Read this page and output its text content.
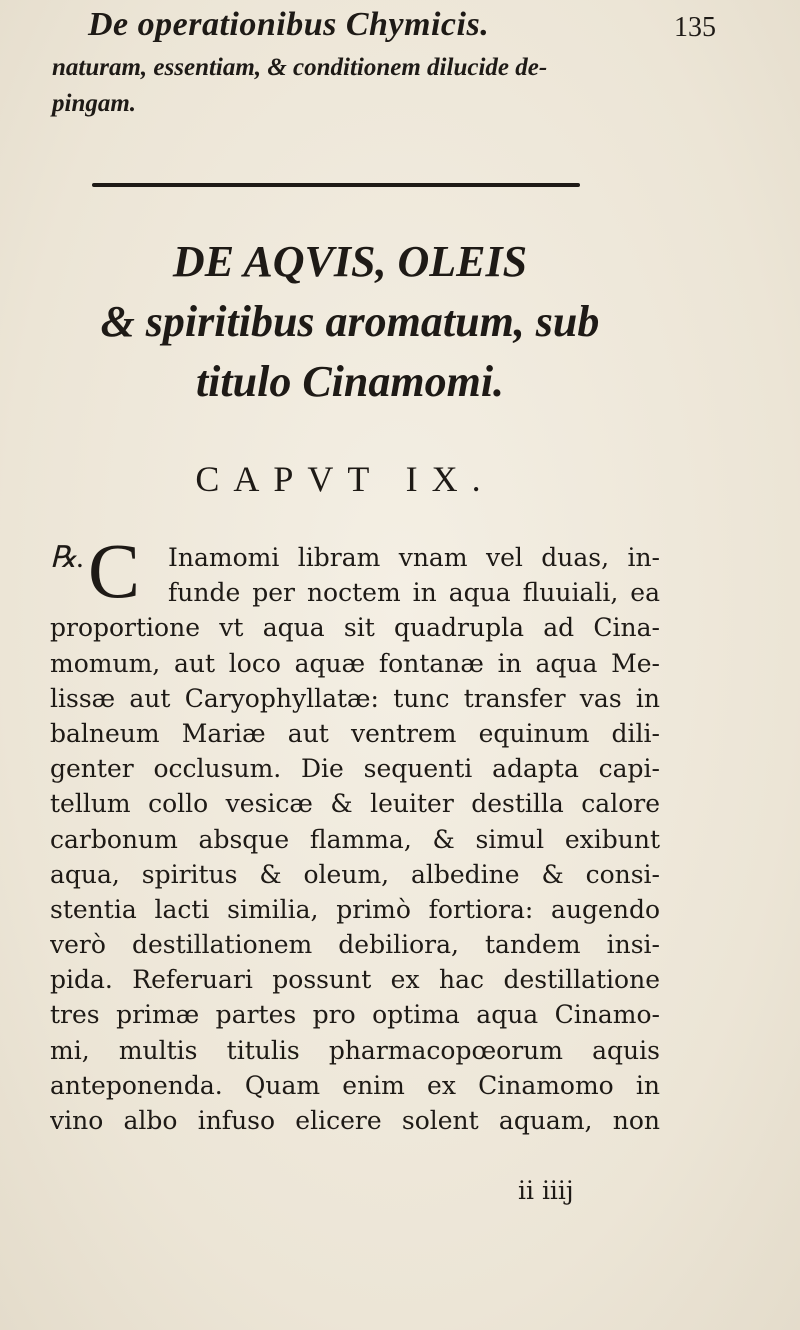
De operationibus Chymicis.	135
naturam, essentiam, & conditionem dilucide de-
pingam.
DE AQVIS, OLEIS
& spiritibus aromatum, sub
titulo Cinamomi.
CAPVT IX.
℞. C	Inamomi libram vnam vel duas, in-
funde per noctem in aqua fluuiali, ea
proportione vt aqua sit quadrupla ad Cina-
momum, aut loco aquæ fontanæ in aqua Me-
lissæ aut Caryophyllatæ: tunc transfer vas in
balneum Mariæ aut ventrem equinum dili-
genter occlusum. Die sequenti adapta capi-
tellum collo vesicæ & leuiter destilla calore
carbonum absque flamma, & simul exibunt
aqua, spiritus & oleum, albedine & consi-
stentia lacti similia, primò fortiora: augendo
verò destillationem debiliora, tandem insi-
pida. Referuari possunt ex hac destillatione
tres primæ partes pro optima aqua Cinamo-
mi, multis titulis pharmacopœorum aquis
anteponenda. Quam enim ex Cinamomo in
vino albo infuso elicere solent aquam, non
ii iiij
